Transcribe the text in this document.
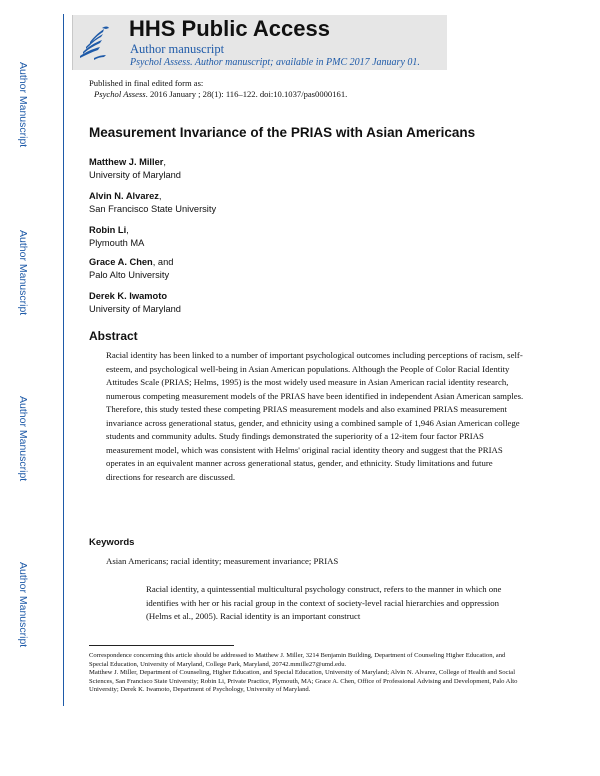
Author Manuscript
Author Manuscript
Author Manuscript
Author Manuscript
HHS Public Access
Author manuscript
Psychol Assess. Author manuscript; available in PMC 2017 January 01.
Published in final edited form as:
Psychol Assess. 2016 January ; 28(1): 116–122. doi:10.1037/pas0000161.
Measurement Invariance of the PRIAS with Asian Americans
Matthew J. Miller,
University of Maryland
Alvin N. Alvarez,
San Francisco State University
Robin Li,
Plymouth MA
Grace A. Chen, and
Palo Alto University
Derek K. Iwamoto
University of Maryland
Abstract
Racial identity has been linked to a number of important psychological outcomes including perceptions of racism, self-esteem, and psychological well-being in Asian American populations. Although the People of Color Racial Identity Attitudes Scale (PRIAS; Helms, 1995) is the most widely used measure in Asian American racial identity research, numerous competing measurement models of the PRIAS have been identified in independent Asian American samples. Therefore, this study tested these competing PRIAS measurement models and also examined PRIAS measurement invariance across generational status, gender, and ethnicity using a combined sample of 1,946 Asian American college students and community adults. Study findings demonstrated the superiority of a 12-item four factor PRIAS measurement model, which was consistent with Helms' original racial identity theory and suggest that the PRIAS operates in an equivalent manner across generational status, gender, and ethnicity. Study limitations and future directions for research are discussed.
Keywords
Asian Americans; racial identity; measurement invariance; PRIAS
Racial identity, a quintessential multicultural psychology construct, refers to the manner in which one identifies with her or his racial group in the context of society-level racial hierarchies and oppression (Helms et al., 2005). Racial identity is an important construct
Correspondence concerning this article should be addressed to Matthew J. Miller, 3214 Benjamin Building, Department of Counseling Higher Education, and Special Education, University of Maryland, College Park, Maryland, 20742.mmille27@umd.edu.
Matthew J. Miller, Department of Counseling, Higher Education, and Special Education, University of Maryland; Alvin N. Alvarez, College of Health and Social Sciences, San Francisco State University; Robin Li, Private Practice, Plymouth, MA; Grace A. Chen, Office of Professional Advising and Development, Palo Alto University; Derek K. Iwamoto, Department of Psychology, University of Maryland.
